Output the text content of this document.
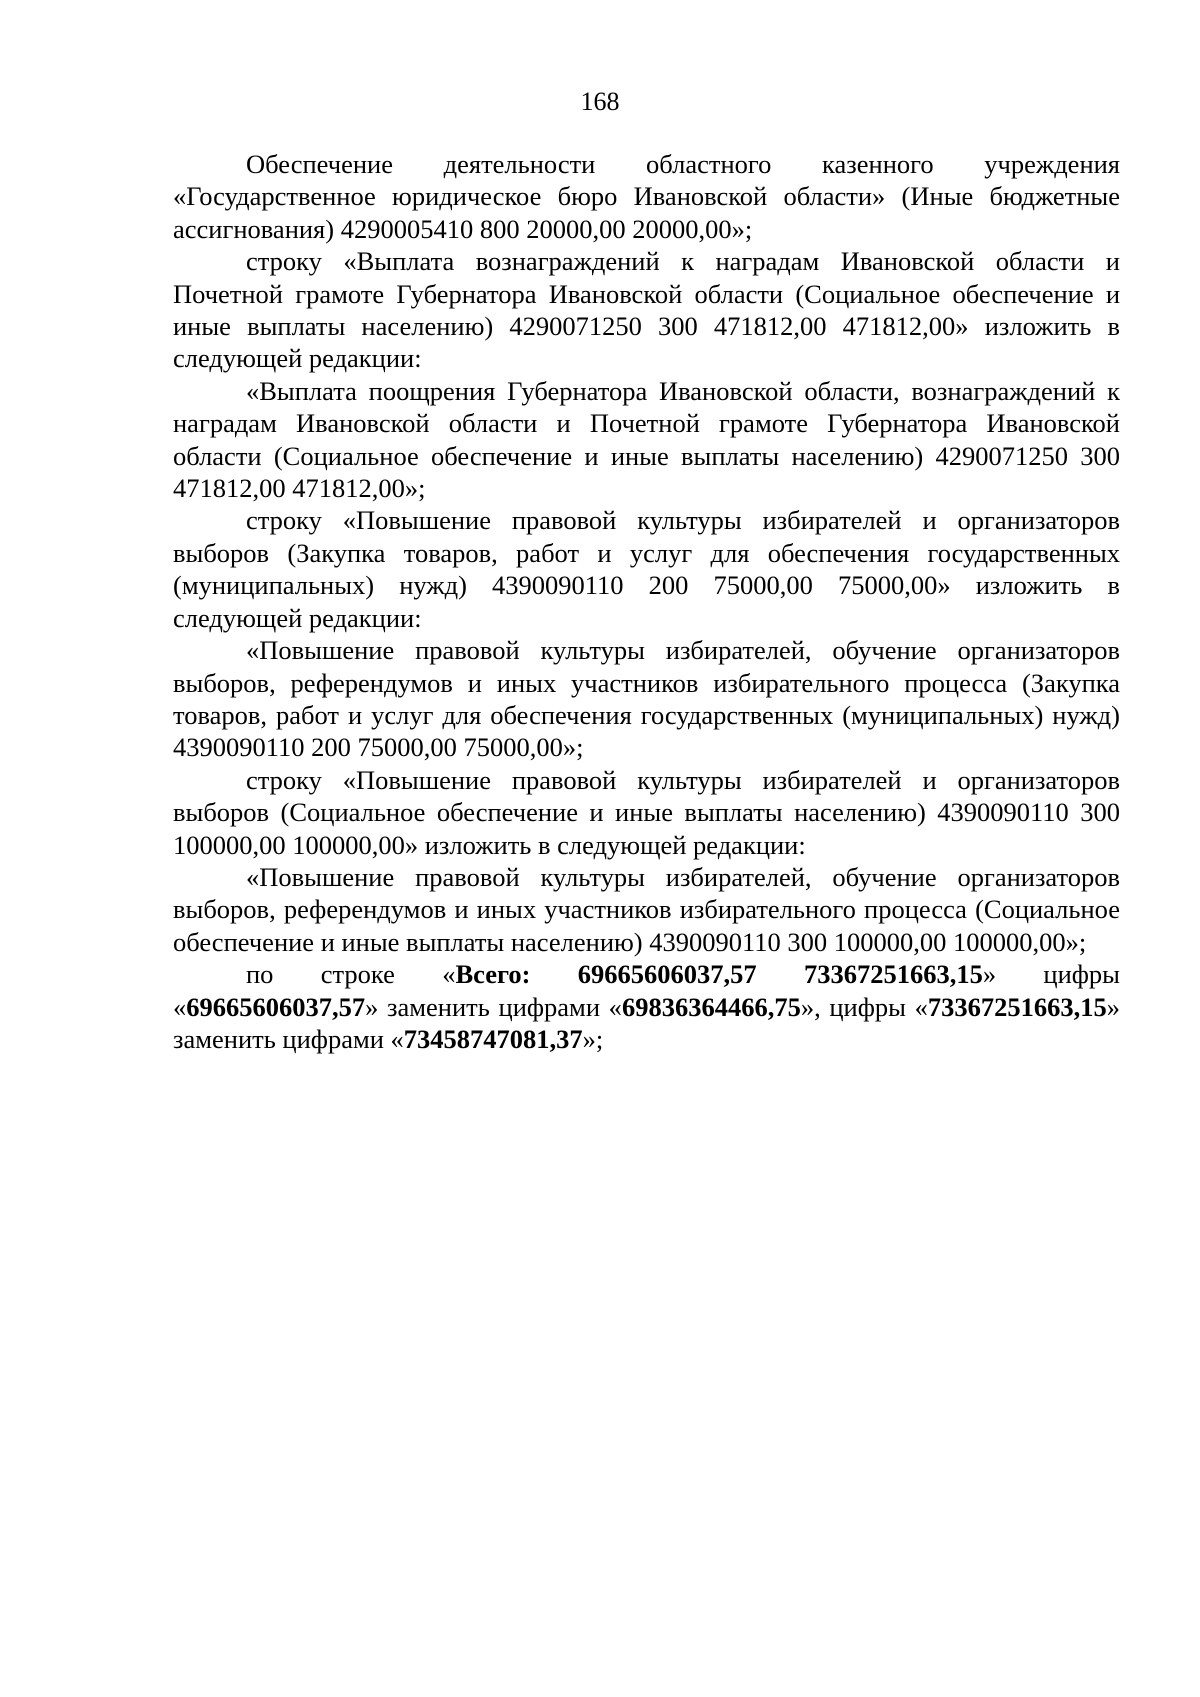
168

Обеспечение деятельности областного казенного учреждения «Государственное юридическое бюро Ивановской области» (Иные бюджетные ассигнования) 4290005410 800 20000,00 20000,00»;

строку «Выплата вознаграждений к наградам Ивановской области и Почетной грамоте Губернатора Ивановской области (Социальное обеспечение и иные выплаты населению) 4290071250 300 471812,00 471812,00» изложить в следующей редакции:

«Выплата поощрения Губернатора Ивановской области, вознаграждений к наградам Ивановской области и Почетной грамоте Губернатора Ивановской области (Социальное обеспечение и иные выплаты населению) 4290071250 300 471812,00 471812,00»;

строку «Повышение правовой культуры избирателей и организаторов выборов (Закупка товаров, работ и услуг для обеспечения государственных (муниципальных) нужд) 4390090110 200 75000,00 75000,00» изложить в следующей редакции:

«Повышение правовой культуры избирателей, обучение организаторов выборов, референдумов и иных участников избирательного процесса (Закупка товаров, работ и услуг для обеспечения государственных (муниципальных) нужд) 4390090110 200 75000,00 75000,00»;

строку «Повышение правовой культуры избирателей и организаторов выборов (Социальное обеспечение и иные выплаты населению) 4390090110 300 100000,00 100000,00» изложить в следующей редакции:

«Повышение правовой культуры избирателей, обучение организаторов выборов, референдумов и иных участников избирательного процесса (Социальное обеспечение и иные выплаты населению) 4390090110 300 100000,00 100000,00»;

по строке «Всего: 69665606037,57 73367251663,15» цифры «69665606037,57» заменить цифрами «69836364466,75», цифры «73367251663,15» заменить цифрами «73458747081,37»;
